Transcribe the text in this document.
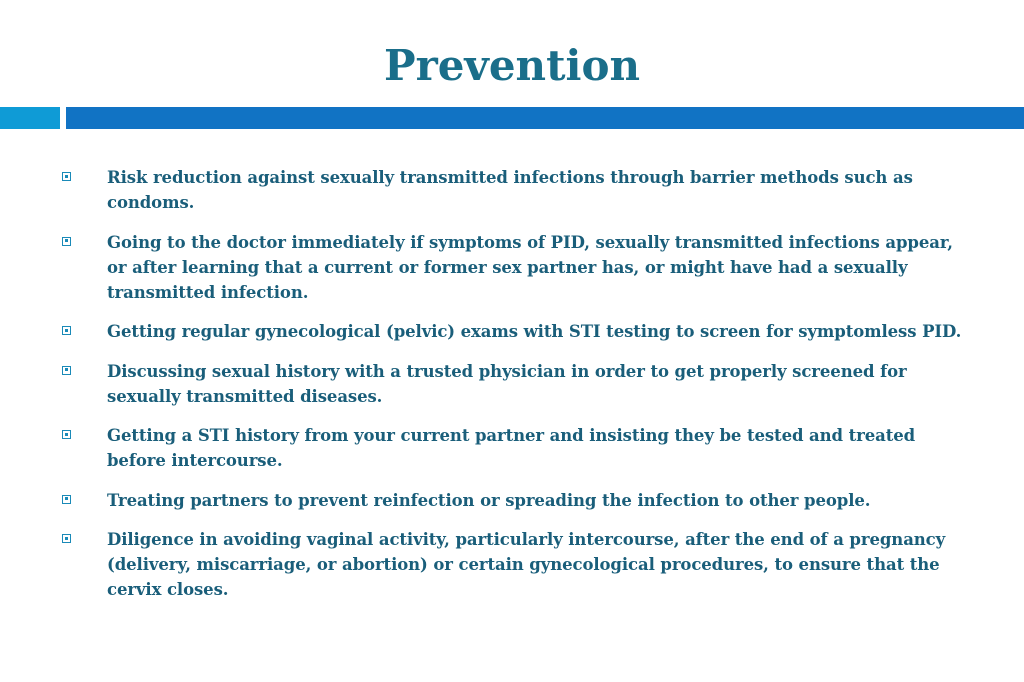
Prevention
Risk reduction against sexually transmitted infections through barrier methods such as condoms.
Going to the doctor immediately if symptoms of PID, sexually transmitted infections appear, or after learning that a current or former sex partner has, or might have had a sexually transmitted infection.
Getting regular gynecological (pelvic) exams with STI testing to screen for symptomless PID.
Discussing sexual history with a trusted physician in order to get properly screened for sexually transmitted diseases.
Getting a STI history from your current partner and insisting they be tested and treated before intercourse.
Treating partners to prevent reinfection or spreading the infection to other people.
Diligence in avoiding vaginal activity, particularly intercourse, after the end of a pregnancy (delivery, miscarriage, or abortion) or certain gynecological procedures, to ensure that the cervix closes.
